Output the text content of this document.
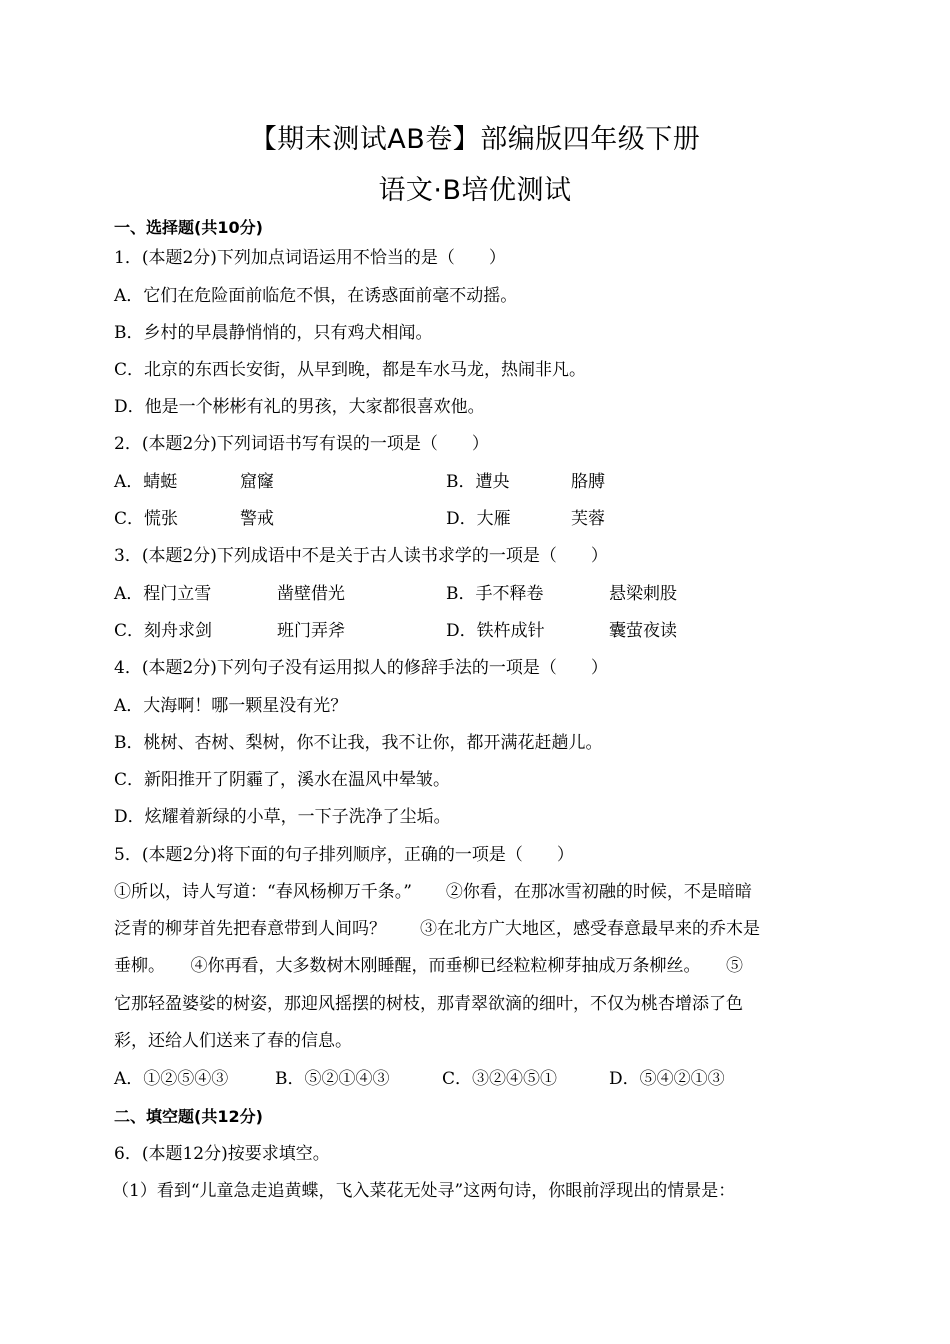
【期末测试AB卷】部编版四年级下册
语文·B培优测试
一、选择题(共10分)
1．(本题2分)下列加点词语运用不恰当的是（　　）
A．它们在危险面前临危不惧，在诱惑面前毫不动摇。
B．乡村的早晨静悄悄的，只有鸡犬相闻。
C．北京的东西长安街，从早到晚，都是车水马龙，热闹非凡。
D．他是一个彬彬有礼的男孩，大家都很喜欢他。
2．(本题2分)下列词语书写有误的一项是（　　）
A．蜻蜓	窟窿	B．遭央	胳膊
C．慌张	警戒	D．大雁	芙蓉
3．(本题2分)下列成语中不是关于古人读书求学的一项是（　　）
A．程门立雪	凿壁借光	B．手不释卷	悬梁刺股
C．刻舟求剑	班门弄斧	D．铁杵成针	囊萤夜读
4．(本题2分)下列句子没有运用拟人的修辞手法的一项是（　　）
A．大海啊！哪一颗星没有光？
B．桃树、杏树、梨树，你不让我，我不让你，都开满花赶趟儿。
C．新阳推开了阴霾了，溪水在温风中晕皱。
D．炫耀着新绿的小草，一下子洗净了尘垢。
5．(本题2分)将下面的句子排列顺序，正确的一项是（　　）
①所以，诗人写道：“春风杨柳万千条。”　　②你看，在那冰雪初融的时候，不是暗暗
泛青的柳芽首先把春意带到人间吗？　　③在北方广大地区，感受春意最早来的乔木是
垂柳。　　④你再看，大多数树木刚睡醒，而垂柳已经粒粒柳芽抽成万条柳丝。　　⑤
它那轻盈婆娑的树姿，那迎风摇摆的树枝，那青翠欲滴的细叶，不仅为桃杏增添了色
彩，还给人们送来了春的信息。
A．①②⑤④③	B．⑤②①④③	C．③②④⑤①	D．⑤④②①③
二、填空题(共12分)
6．(本题12分)按要求填空。
（1）看到“儿童急走追黄蝶，飞入菜花无处寻”这两句诗，你眼前浮现出的情景是：
